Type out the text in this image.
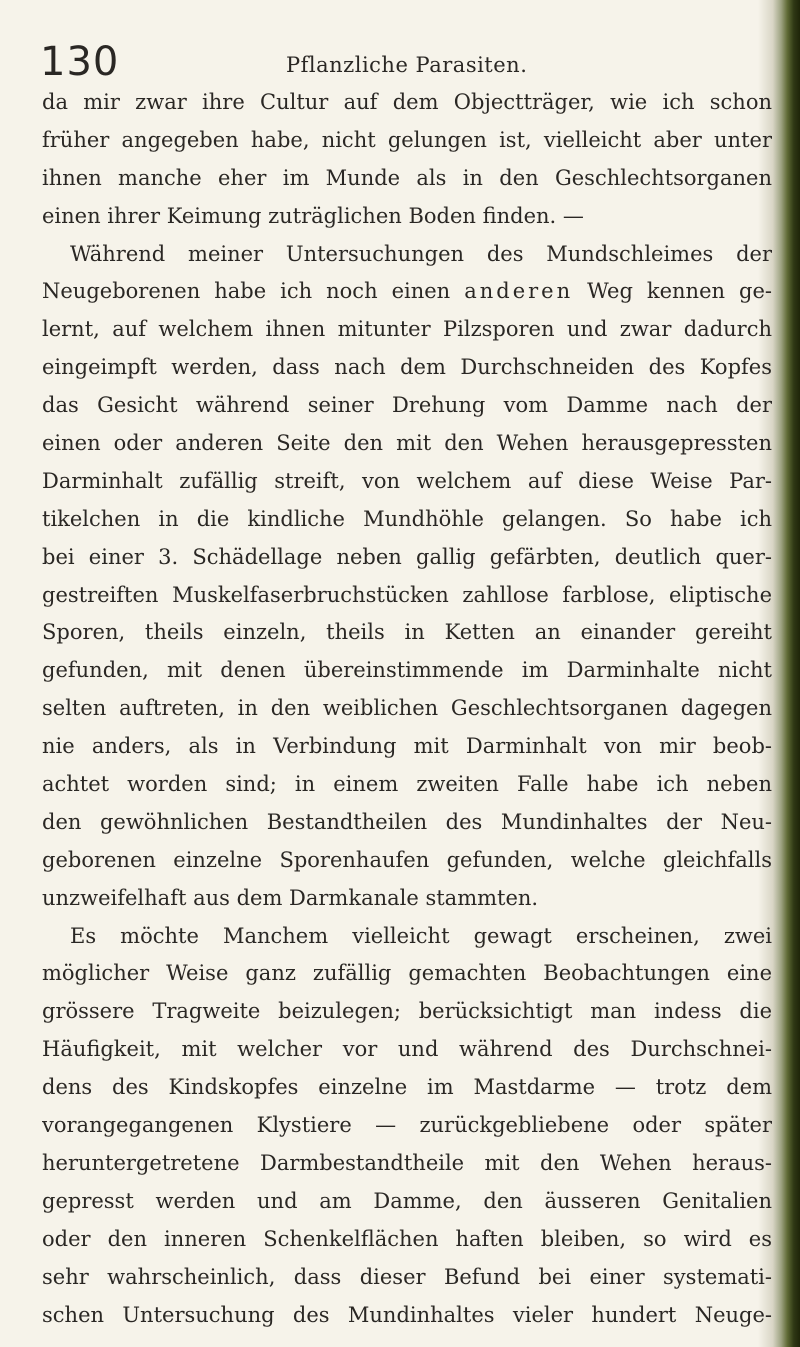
130	Pflanzliche Parasiten.
da mir zwar ihre Cultur auf dem Objectträger, wie ich schon
früher angegeben habe, nicht gelungen ist, vielleicht aber unter
ihnen manche eher im Munde als in den Geschlechtsorganen
einen ihrer Keimung zuträglichen Boden finden. —
Während meiner Untersuchungen des Mundschleimes der
Neugeborenen habe ich noch einen anderen Weg kennen ge-
lernt, auf welchem ihnen mitunter Pilzsporen und zwar dadurch
eingeimpft werden, dass nach dem Durchschneiden des Kopfes
das Gesicht während seiner Drehung vom Damme nach der
einen oder anderen Seite den mit den Wehen herausgepressten
Darminhalt zufällig streift, von welchem auf diese Weise Par-
tikelchen in die kindliche Mundhöhle gelangen. So habe ich
bei einer 3. Schädellage neben gallig gefärbten, deutlich quer-
gestreiften Muskelfaserbruchstücken zahllose farblose, eliptische
Sporen, theils einzeln, theils in Ketten an einander gereiht
gefunden, mit denen übereinstimmende im Darminhalte nicht
selten auftreten, in den weiblichen Geschlechtsorganen dagegen
nie anders, als in Verbindung mit Darminhalt von mir beob-
achtet worden sind; in einem zweiten Falle habe ich neben
den gewöhnlichen Bestandtheilen des Mundinhaltes der Neu-
geborenen einzelne Sporenhaufen gefunden, welche gleichfalls
unzweifelhaft aus dem Darmkanale stammten.
Es möchte Manchem vielleicht gewagt erscheinen, zwei
möglicher Weise ganz zufällig gemachten Beobachtungen eine
grössere Tragweite beizulegen; berücksichtigt man indess die
Häufigkeit, mit welcher vor und während des Durchschnei-
dens des Kindskopfes einzelne im Mastdarme — trotz dem
vorangegangenen Klystiere — zurückgebliebene oder später
heruntergetretene Darmbestandtheile mit den Wehen heraus-
gepresst werden und am Damme, den äusseren Genitalien
oder den inneren Schenkelflächen haften bleiben, so wird es
sehr wahrscheinlich, dass dieser Befund bei einer systemati-
schen Untersuchung des Mundinhaltes vieler hundert Neuge-
